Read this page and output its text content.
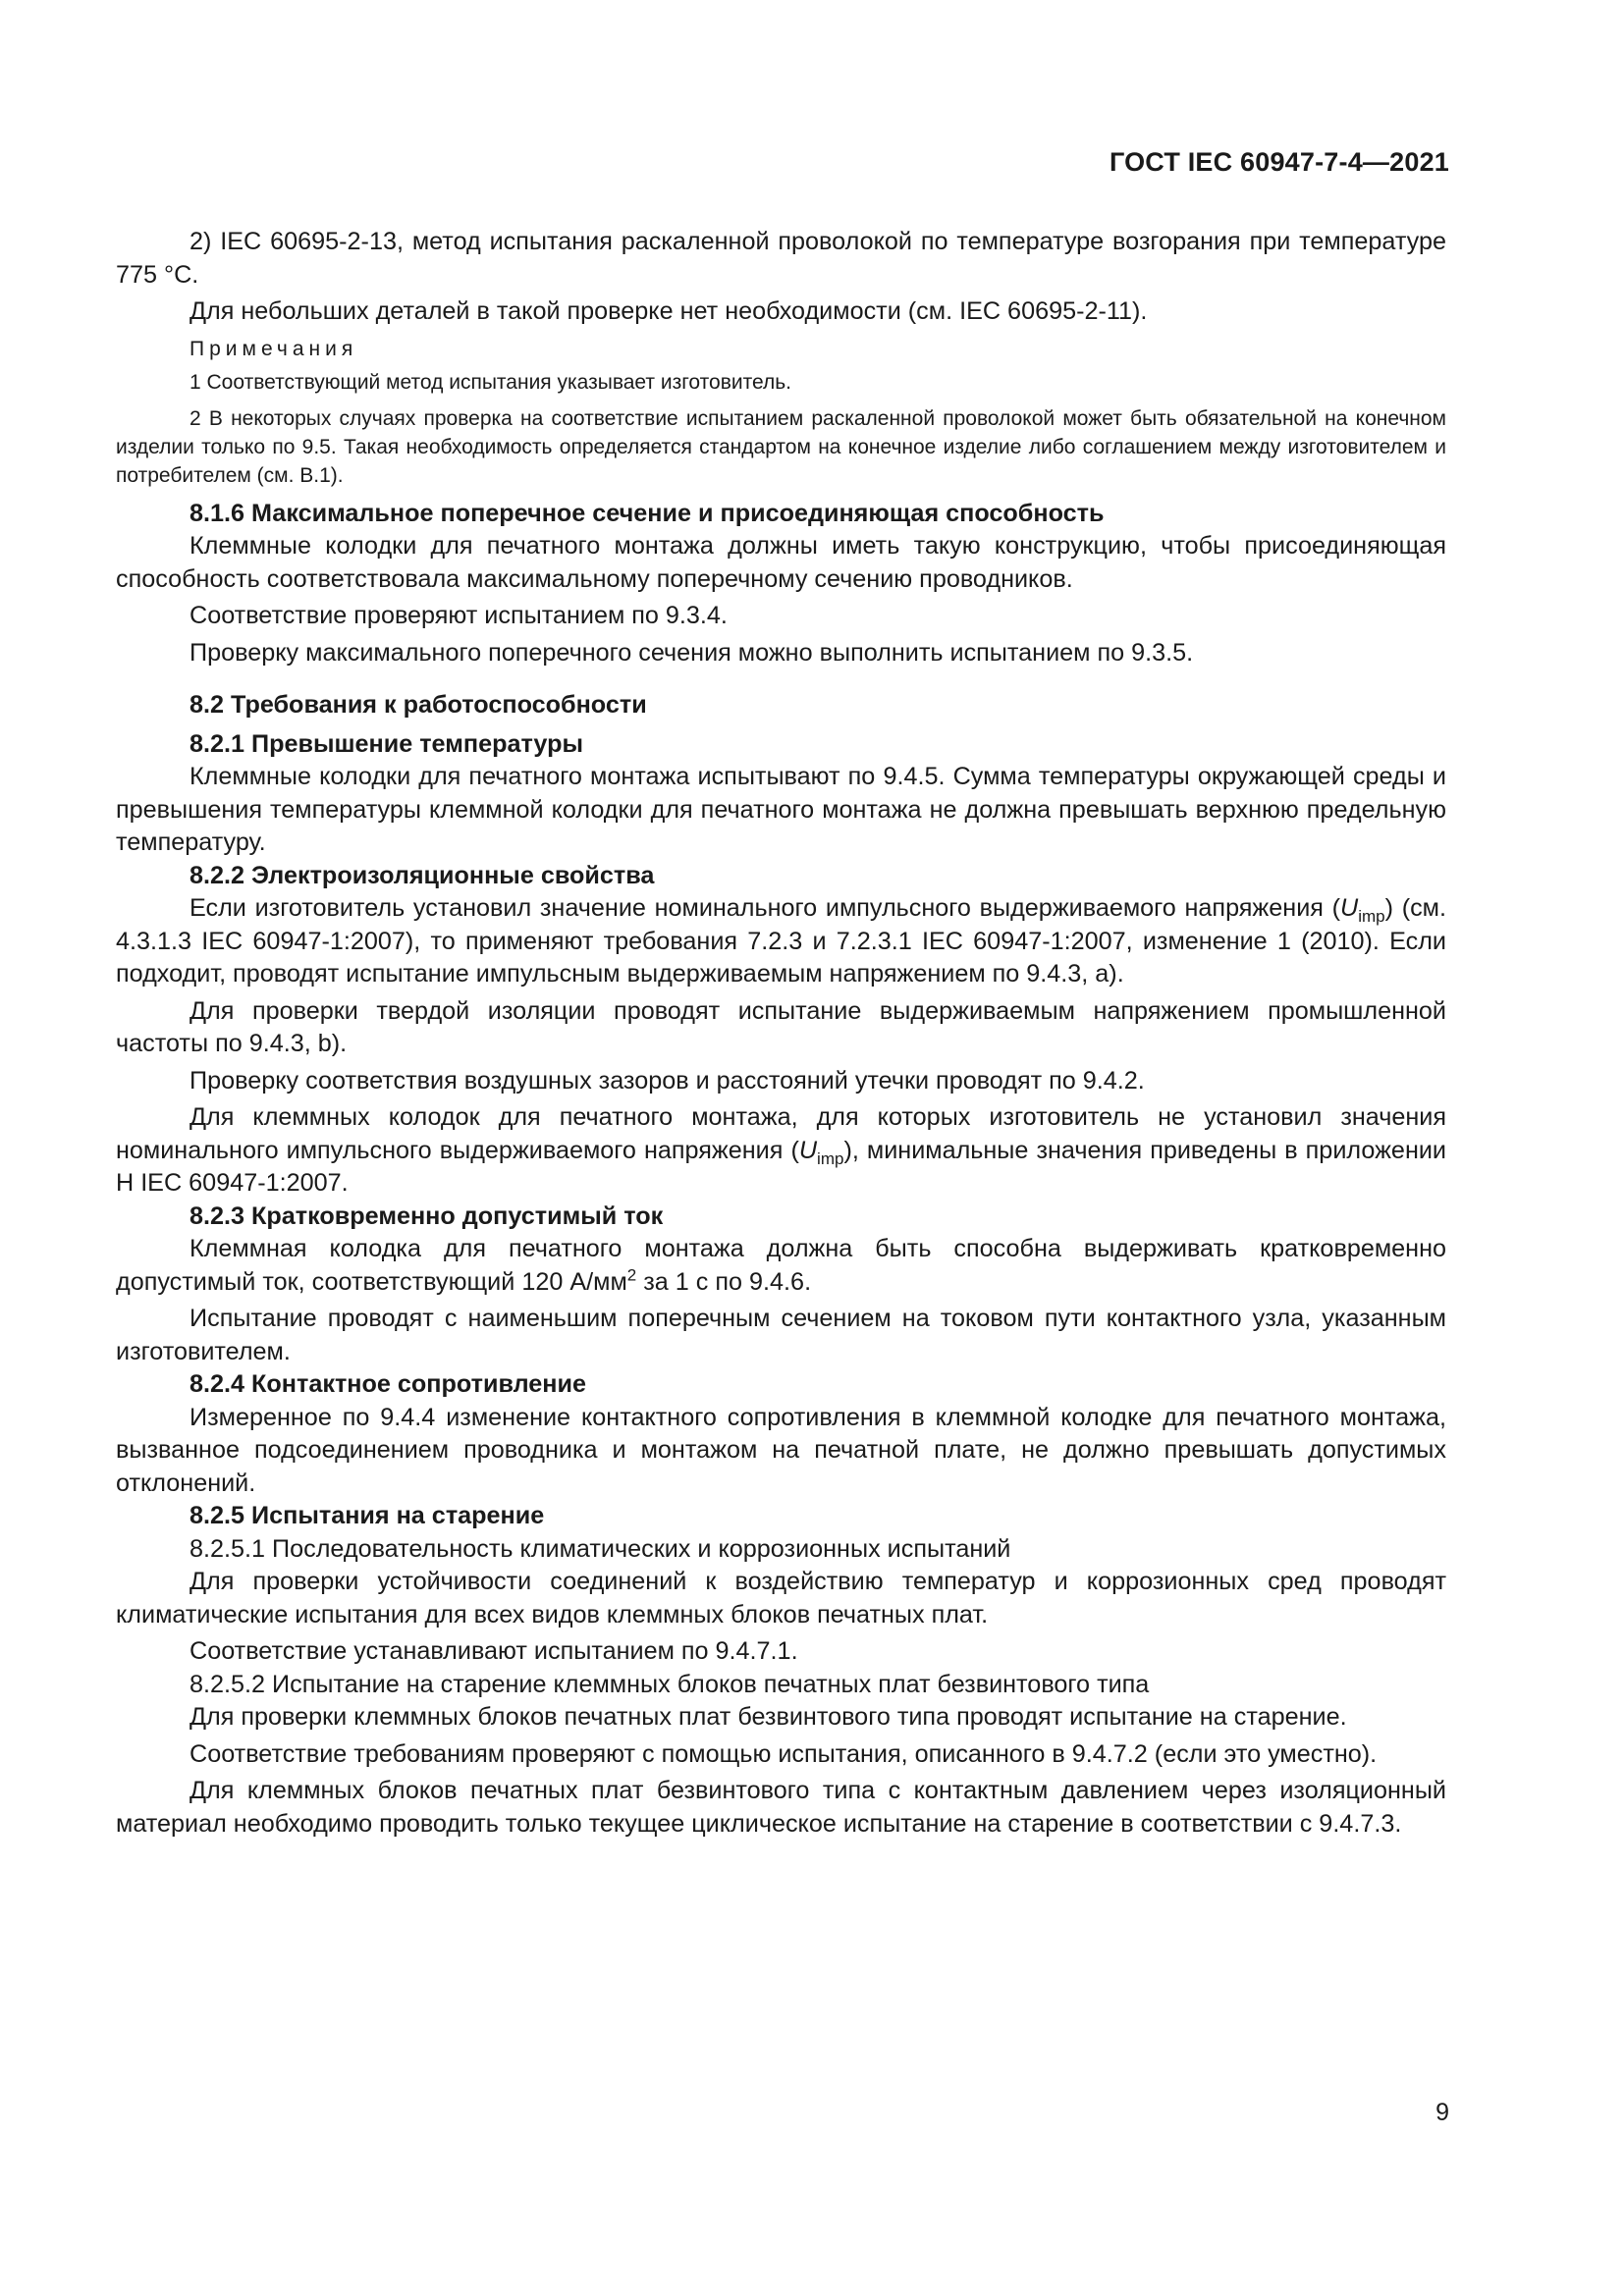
ГОСТ IEC 60947-7-4—2021

2) IEC 60695-2-13, метод испытания раскаленной проволокой по температуре возгорания при температуре 775 °С.

Для небольших деталей в такой проверке нет необходимости (см. IEC 60695-2-11).

Примечания

1 Соответствующий метод испытания указывает изготовитель.

2 В некоторых случаях проверка на соответствие испытанием раскаленной проволокой может быть обязательной на конечном изделии только по 9.5. Такая необходимость определяется стандартом на конечное изделие либо соглашением между изготовителем и потребителем (см. В.1).

8.1.6 Максимальное поперечное сечение и присоединяющая способность

Клеммные колодки для печатного монтажа должны иметь такую конструкцию, чтобы присоединяющая способность соответствовала максимальному поперечному сечению проводников.

Соответствие проверяют испытанием по 9.3.4.

Проверку максимального поперечного сечения можно выполнить испытанием по 9.3.5.

8.2 Требования к работоспособности

8.2.1 Превышение температуры

Клеммные колодки для печатного монтажа испытывают по 9.4.5. Сумма температуры окружающей среды и превышения температуры клеммной колодки для печатного монтажа не должна превышать верхнюю предельную температуру.

8.2.2 Электроизоляционные свойства

Если изготовитель установил значение номинального импульсного выдерживаемого напряжения $(U_{imp})$ (см. 4.3.1.3 IEC 60947-1:2007), то применяют требования 7.2.3 и 7.2.3.1 IEC 60947-1:2007, изменение 1 (2010). Если подходит, проводят испытание импульсным выдерживаемым напряжением по 9.4.3, а).

Для проверки твердой изоляции проводят испытание выдерживаемым напряжением промышленной частоты по 9.4.3, b).

Проверку соответствия воздушных зазоров и расстояний утечки проводят по 9.4.2.

Для клеммных колодок для печатного монтажа, для которых изготовитель не установил значения номинального импульсного выдерживаемого напряжения $(U_{imp})$, минимальные значения приведены в приложении Н IEC 60947-1:2007.

8.2.3 Кратковременно допустимый ток

Клеммная колодка для печатного монтажа должна быть способна выдерживать кратковременно допустимый ток, соответствующий 120 $А/мм^2$ за 1 с по 9.4.6.

Испытание проводят с наименьшим поперечным сечением на токовом пути контактного узла, указанным изготовителем.

8.2.4 Контактное сопротивление

Измеренное по 9.4.4 изменение контактного сопротивления в клеммной колодке для печатного монтажа, вызванное подсоединением проводника и монтажом на печатной плате, не должно превышать допустимых отклонений.

8.2.5 Испытания на старение

8.2.5.1 Последовательность климатических и коррозионных испытаний

Для проверки устойчивости соединений к воздействию температур и коррозионных сред проводят климатические испытания для всех видов клеммных блоков печатных плат.

Соответствие устанавливают испытанием по 9.4.7.1.

8.2.5.2 Испытание на старение клеммных блоков печатных плат безвинтового типа

Для проверки клеммных блоков печатных плат безвинтового типа проводят испытание на старение.

Соответствие требованиям проверяют с помощью испытания, описанного в 9.4.7.2 (если это уместно).

Для клеммных блоков печатных плат безвинтового типа с контактным давлением через изоляционный материал необходимо проводить только текущее циклическое испытание на старение в соответствии с 9.4.7.3.

9
